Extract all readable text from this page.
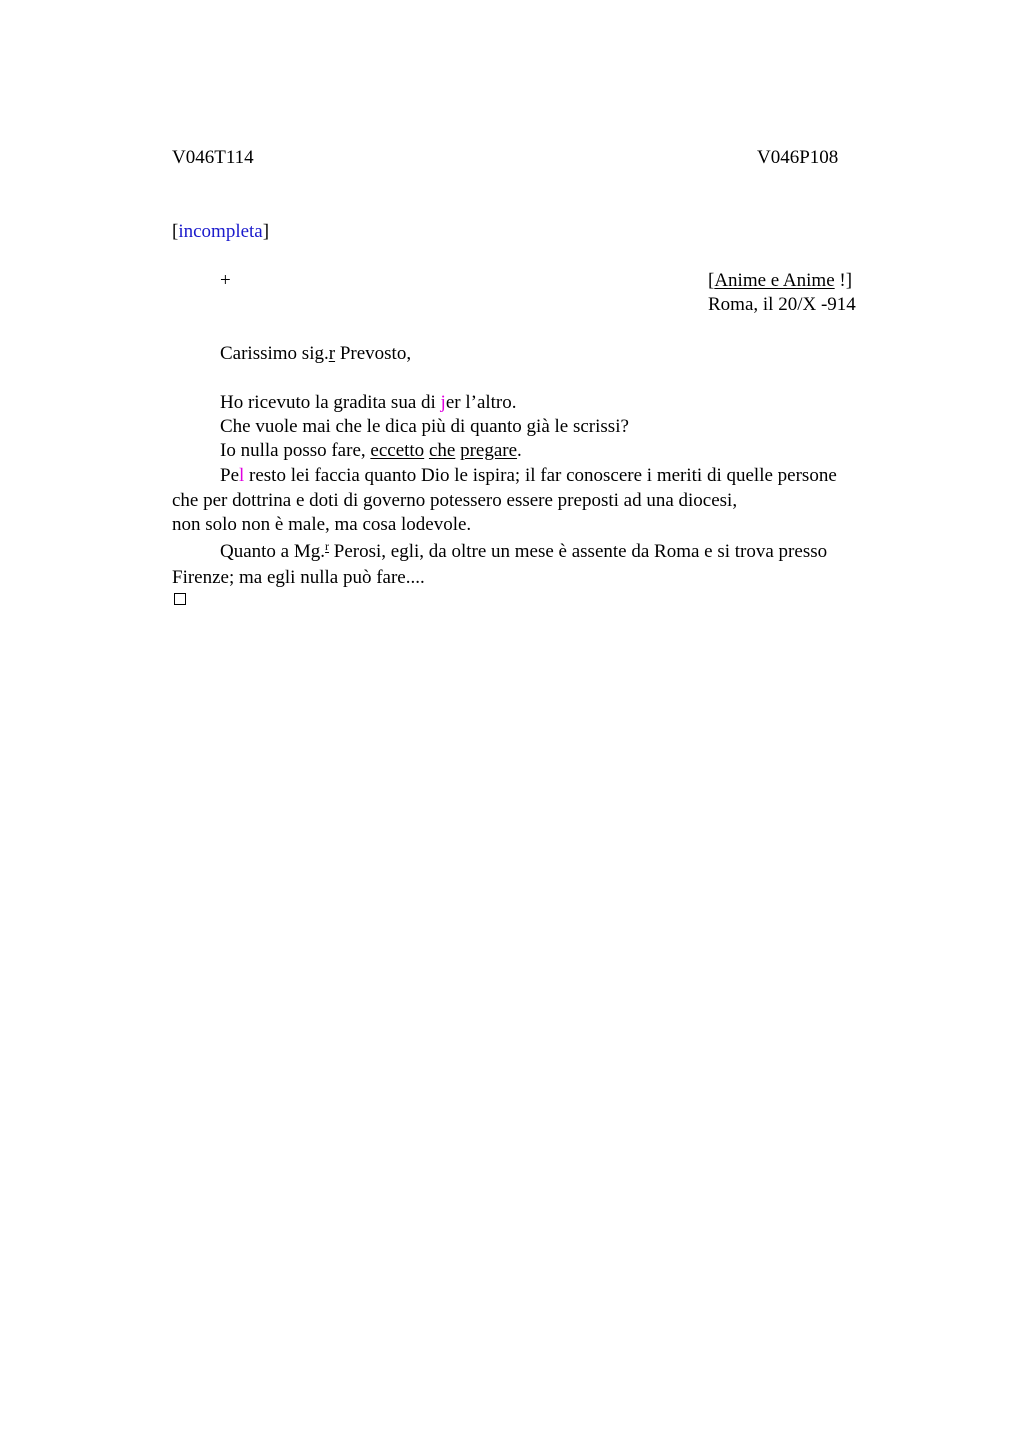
V046T114	V046P108
[incompleta]
+	[Anime e Anime !]
Roma, il 20/X -914
Carissimo sig.r Prevosto,
Ho ricevuto la gradita sua di jer l’altro.
Che vuole mai che le dica più di quanto già le scrissi?
Io nulla posso fare, eccetto che pregare.
Pel resto lei faccia quanto Dio le ispira; il far conoscere i meriti di quelle persone
che per dottrina e doti di governo potessero essere preposti ad una diocesi,
non solo non è male, ma cosa lodevole.
Quanto a Mg.$^r$ Perosi, egli, da oltre un mese è assente da Roma e si trova presso
Firenze; ma egli nulla può fare....
